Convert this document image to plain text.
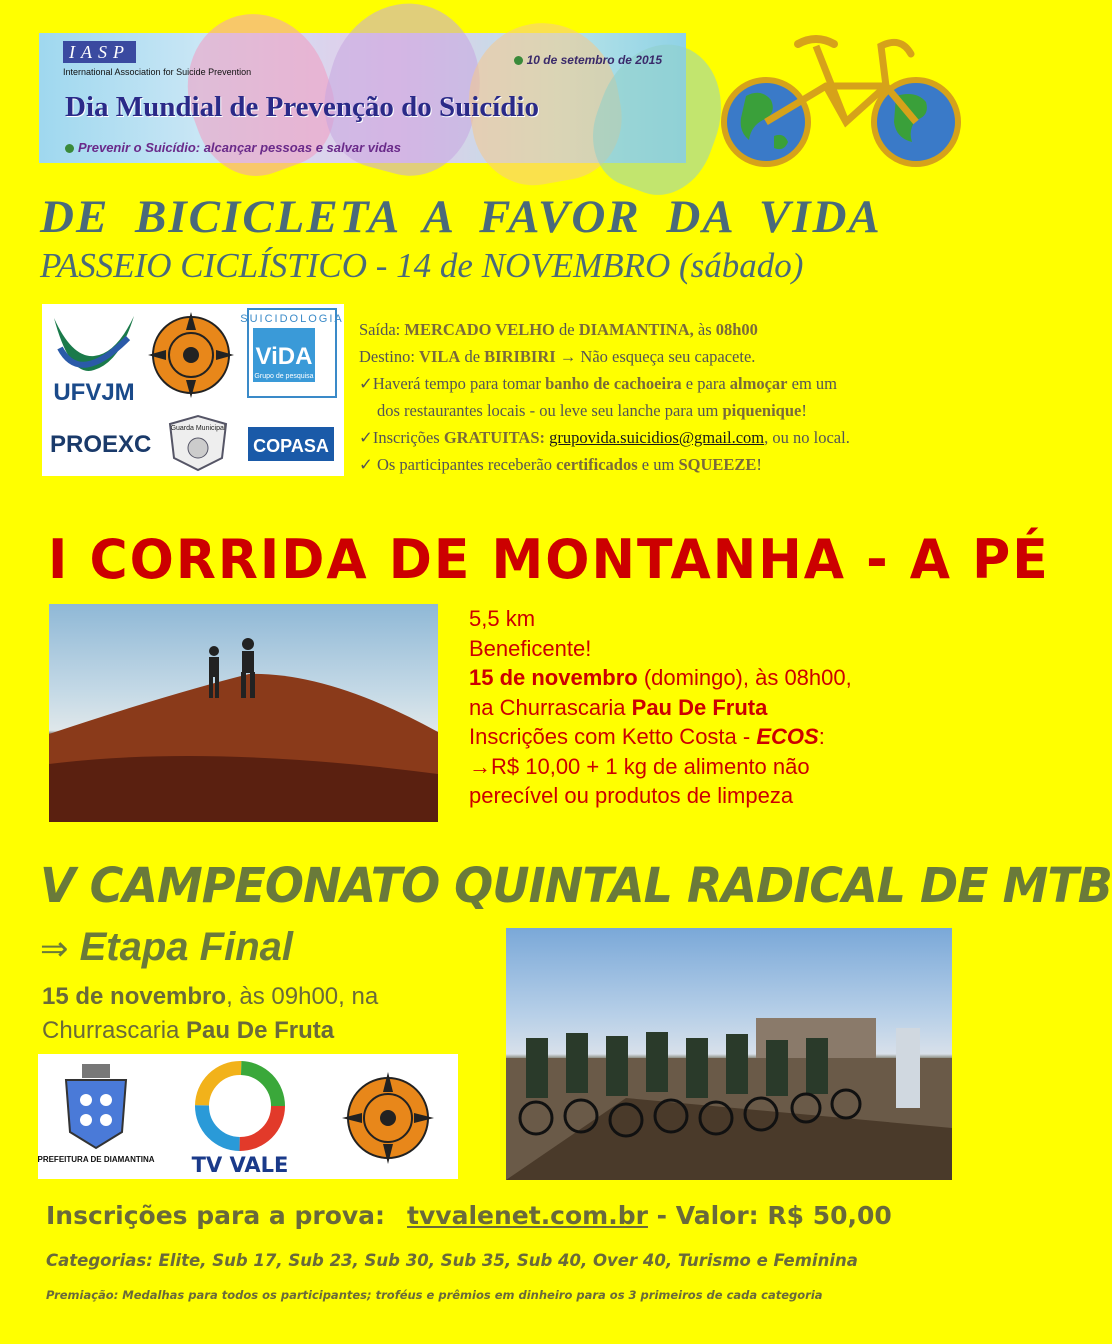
IASP
International Association for Suicide Prevention
10 de setembro de 2015
Dia Mundial de Prevenção do Suicídio
Prevenir o Suicídio: alcançar pessoas e salvar vidas
DE BICICLETA A FAVOR DA VIDA
PASSEIO CICLÍSTICO - 14 de NOVEMBRO (sábado)
UFVJM
SUICIDOLOGIA
ViDA
Grupo de pesquisa
PROEXC
Guarda Municipal
COPASA
Saída: MERCADO VELHO de DIAMANTINA, às 08h00
Destino: VILA de BIRIBIRI → Não esqueça seu capacete.
✓Haverá tempo para tomar banho de cachoeira e para almoçar em um
dos restaurantes locais - ou leve seu lanche para um piquenique!
✓Inscrições GRATUITAS: grupovida.suicidios@gmail.com, ou no local.
✓ Os participantes receberão certificados e um SQUEEZE!
I CORRIDA DE MONTANHA - A PÉ
5,5 km
Beneficente!
15 de novembro (domingo), às 08h00,
na Churrascaria Pau De Fruta
Inscrições com Ketto Costa - ECOS:
→R$ 10,00 + 1 kg de alimento não
perecível ou produtos de limpeza
V CAMPEONATO QUINTAL RADICAL DE MTB
⇒ Etapa Final
15 de novembro, às 09h00, na
Churrascaria Pau De Fruta
PREFEITURA DE DIAMANTINA TV VALE
Inscrições para a prova: tvvalenet.com.br - Valor: R$ 50,00
Categorias: Elite, Sub 17, Sub 23, Sub 30, Sub 35, Sub 40, Over 40, Turismo e Feminina
Premiação: Medalhas para todos os participantes; troféus e prêmios em dinheiro para os 3 primeiros de cada categoria
